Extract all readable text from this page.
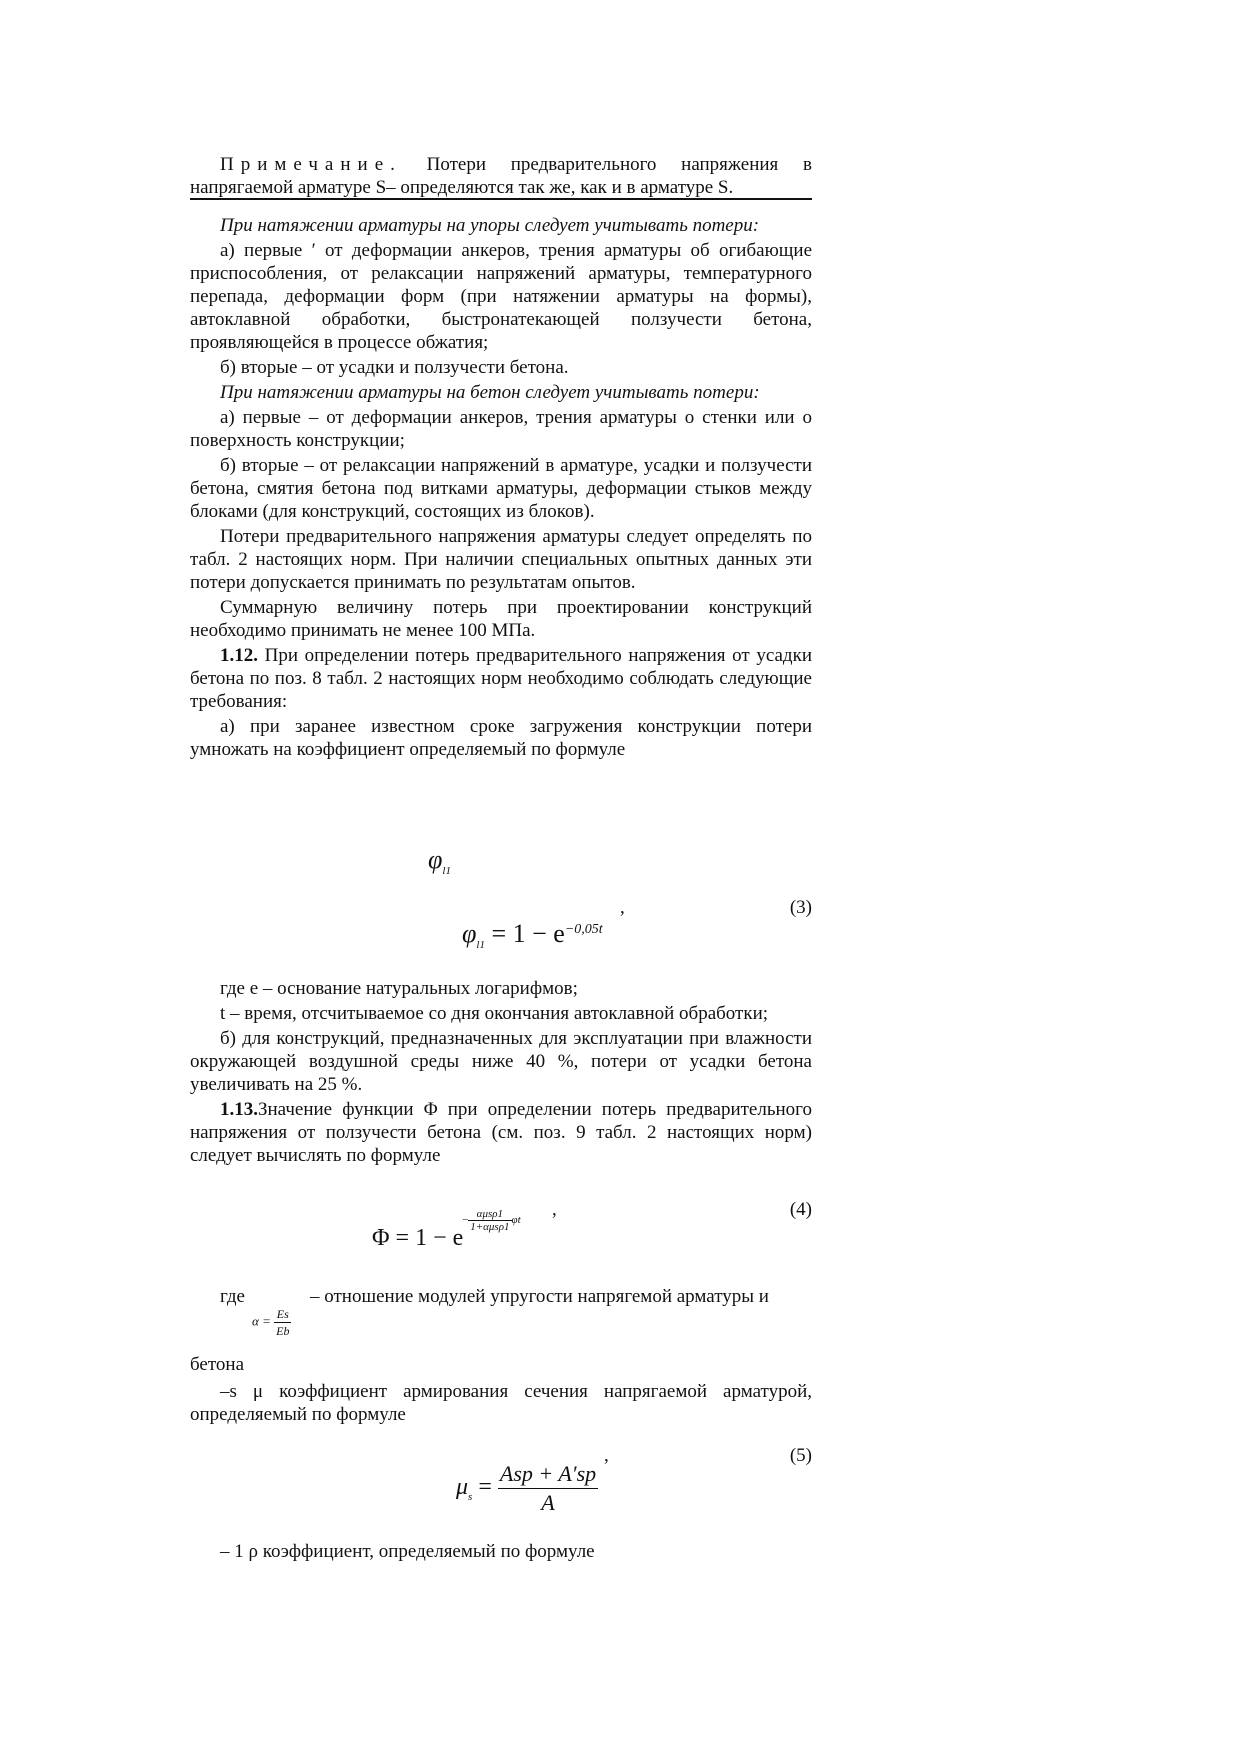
Примечание. Потери предварительного напряжения в напрягаемой арматуре S– определяются так же, как и в арматуре S.

При натяжении арматуры на упоры следует учитывать потери:

а) первые ′ от деформации анкеров, трения арматуры об огибающие приспособления, от релаксации напряжений арматуры, температурного перепада, деформации форм (при натяжении арматуры на формы), автоклавной обработки, быстронатекающей ползучести бетона, проявляющейся в процессе обжатия;

б) вторые – от усадки и ползучести бетона.

При натяжении арматуры на бетон следует учитывать потери:

а) первые – от деформации анкеров, трения арматуры о стенки или о поверхность конструкции;

б) вторые – от релаксации напряжений в арматуре, усадки и ползучести бетона, смятия бетона под витками арматуры, деформации стыков между блоками (для конструкций, состоящих из блоков).

Потери предварительного напряжения арматуры следует определять по табл. 2 настоящих норм. При наличии специальных опытных данных эти потери допускается принимать по результатам опытов.

Суммарную величину потерь при проектировании конструкций необходимо принимать не менее 100 МПа.

1.12. При определении потерь предварительного напряжения от усадки бетона по поз. 8 табл. 2 настоящих норм необходимо соблюдать следующие требования:

а) при заранее известном сроке загружения конструкции потери умножать на коэффициент определяемый по формуле

$\varphi_{l1}$
$\varphi_{l1} = 1 - e^{-0,05t}$
,	(3)

где e – основание натуральных логарифмов;

t – время, отсчитываемое со дня окончания автоклавной обработки;

б) для конструкций, предназначенных для эксплуатации при влажности окружающей воздушной среды ниже 40 %, потери от усадки бетона увеличивать на 25 %.

1.13.Значение функции Φ при определении потерь предварительного напряжения от ползучести бетона (см. поз. 9 табл. 2 настоящих норм) следует вычислять по формуле

Φ = 1 − e
− $\frac{\text{αμsρ1}}{\text{1+αμsρ1}}$ φt
,	(4)
где	– отношение модулей упругости напрягемой арматуры и
$\alpha = \frac{Es}{Eb}$

бетона

–s μ коэффициент армирования сечения напрягаемой арматурой, определяемый по формуле

$\mu_s = \frac{\text{Asp + A′sp}}{A}$
,	(5)

– 1 ρ коэффициент, определяемый по формуле
